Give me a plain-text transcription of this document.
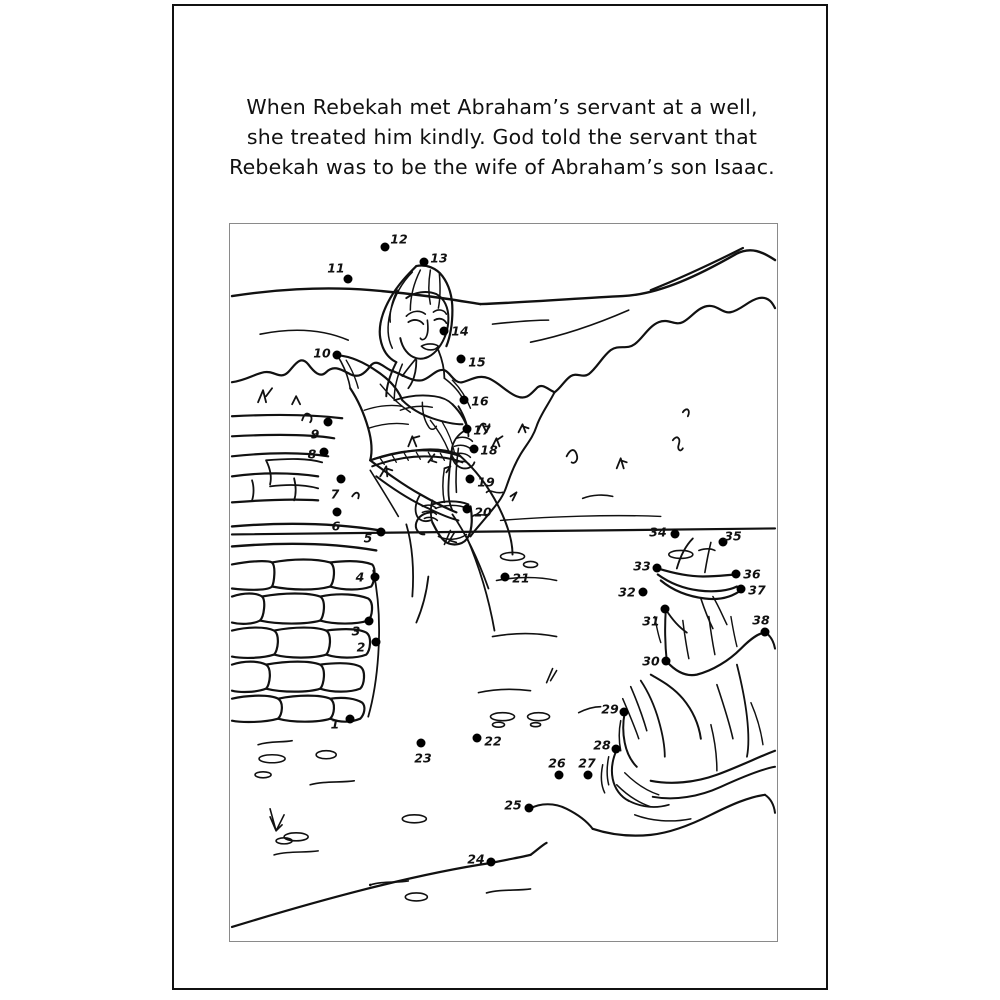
When Rebekah met Abraham’s servant at a well,
she treated him kindly. God told the servant that
Rebekah was to be the wife of Abraham’s son Isaac.
1
2
3
4
5
6
7
8
9
10
11
12
13
14
15
16
17
18
19
20
21
22
23
24
25
26 27
28
29
30
31
32
33
34	35
36
37
38
